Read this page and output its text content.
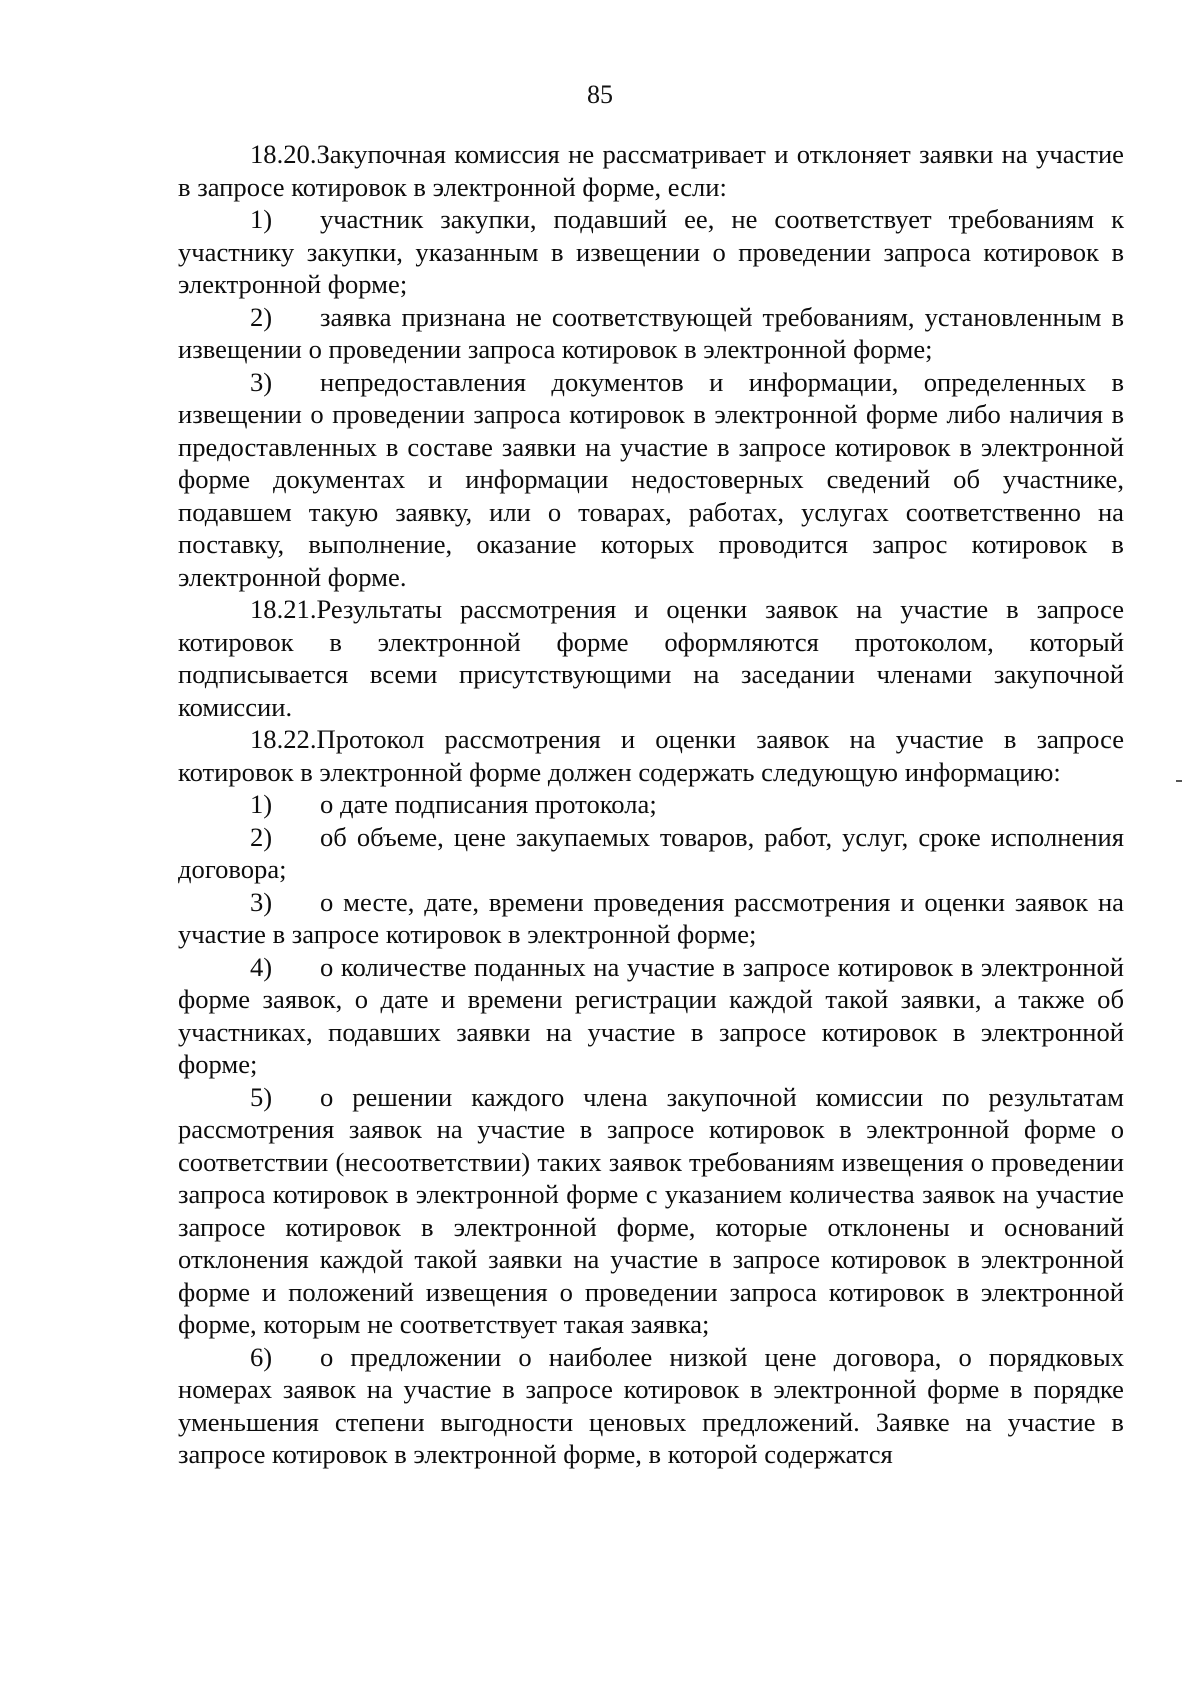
85

18.20.Закупочная комиссия не рассматривает и отклоняет заявки на участие в запросе котировок в электронной форме, если:

1) участник закупки, подавший ее, не соответствует требованиям к участнику закупки, указанным в извещении о проведении запроса котировок в электронной форме;

2) заявка признана не соответствующей требованиям, установленным в извещении о проведении запроса котировок в электронной форме;

3) непредоставления документов и информации, определенных в извещении о проведении запроса котировок в электронной форме либо наличия в предоставленных в составе заявки на участие в запросе котировок в электронной форме документах и информации недостоверных сведений об участнике, подавшем такую заявку, или о товарах, работах, услугах соответственно на поставку, выполнение, оказание которых проводится запрос котировок в электронной форме.

18.21.Результаты рассмотрения и оценки заявок на участие в запросе котировок в электронной форме оформляются протоколом, который подписывается всеми присутствующими на заседании членами закупочной комиссии.

18.22.Протокол рассмотрения и оценки заявок на участие в запросе котировок в электронной форме должен содержать следующую информацию:

1) о дате подписания протокола;

2) об объеме, цене закупаемых товаров, работ, услуг, сроке исполнения договора;

3) о месте, дате, времени проведения рассмотрения и оценки заявок на участие в запросе котировок в электронной форме;

4) о количестве поданных на участие в запросе котировок в электронной форме заявок, о дате и времени регистрации каждой такой заявки, а также об участниках, подавших заявки на участие в запросе котировок в электронной форме;

5) о решении каждого члена закупочной комиссии по результатам рассмотрения заявок на участие в запросе котировок в электронной форме о соответствии (несоответствии) таких заявок требованиям извещения о проведении запроса котировок в электронной форме с указанием количества заявок на участие запросе котировок в электронной форме, которые отклонены и оснований отклонения каждой такой заявки на участие в запросе котировок в электронной форме и положений извещения о проведении запроса котировок в электронной форме, которым не соответствует такая заявка;

6) о предложении о наиболее низкой цене договора, о порядковых номерах заявок на участие в запросе котировок в электронной форме в порядке уменьшения степени выгодности ценовых предложений. Заявке на участие в запросе котировок в электронной форме, в которой содержатся
